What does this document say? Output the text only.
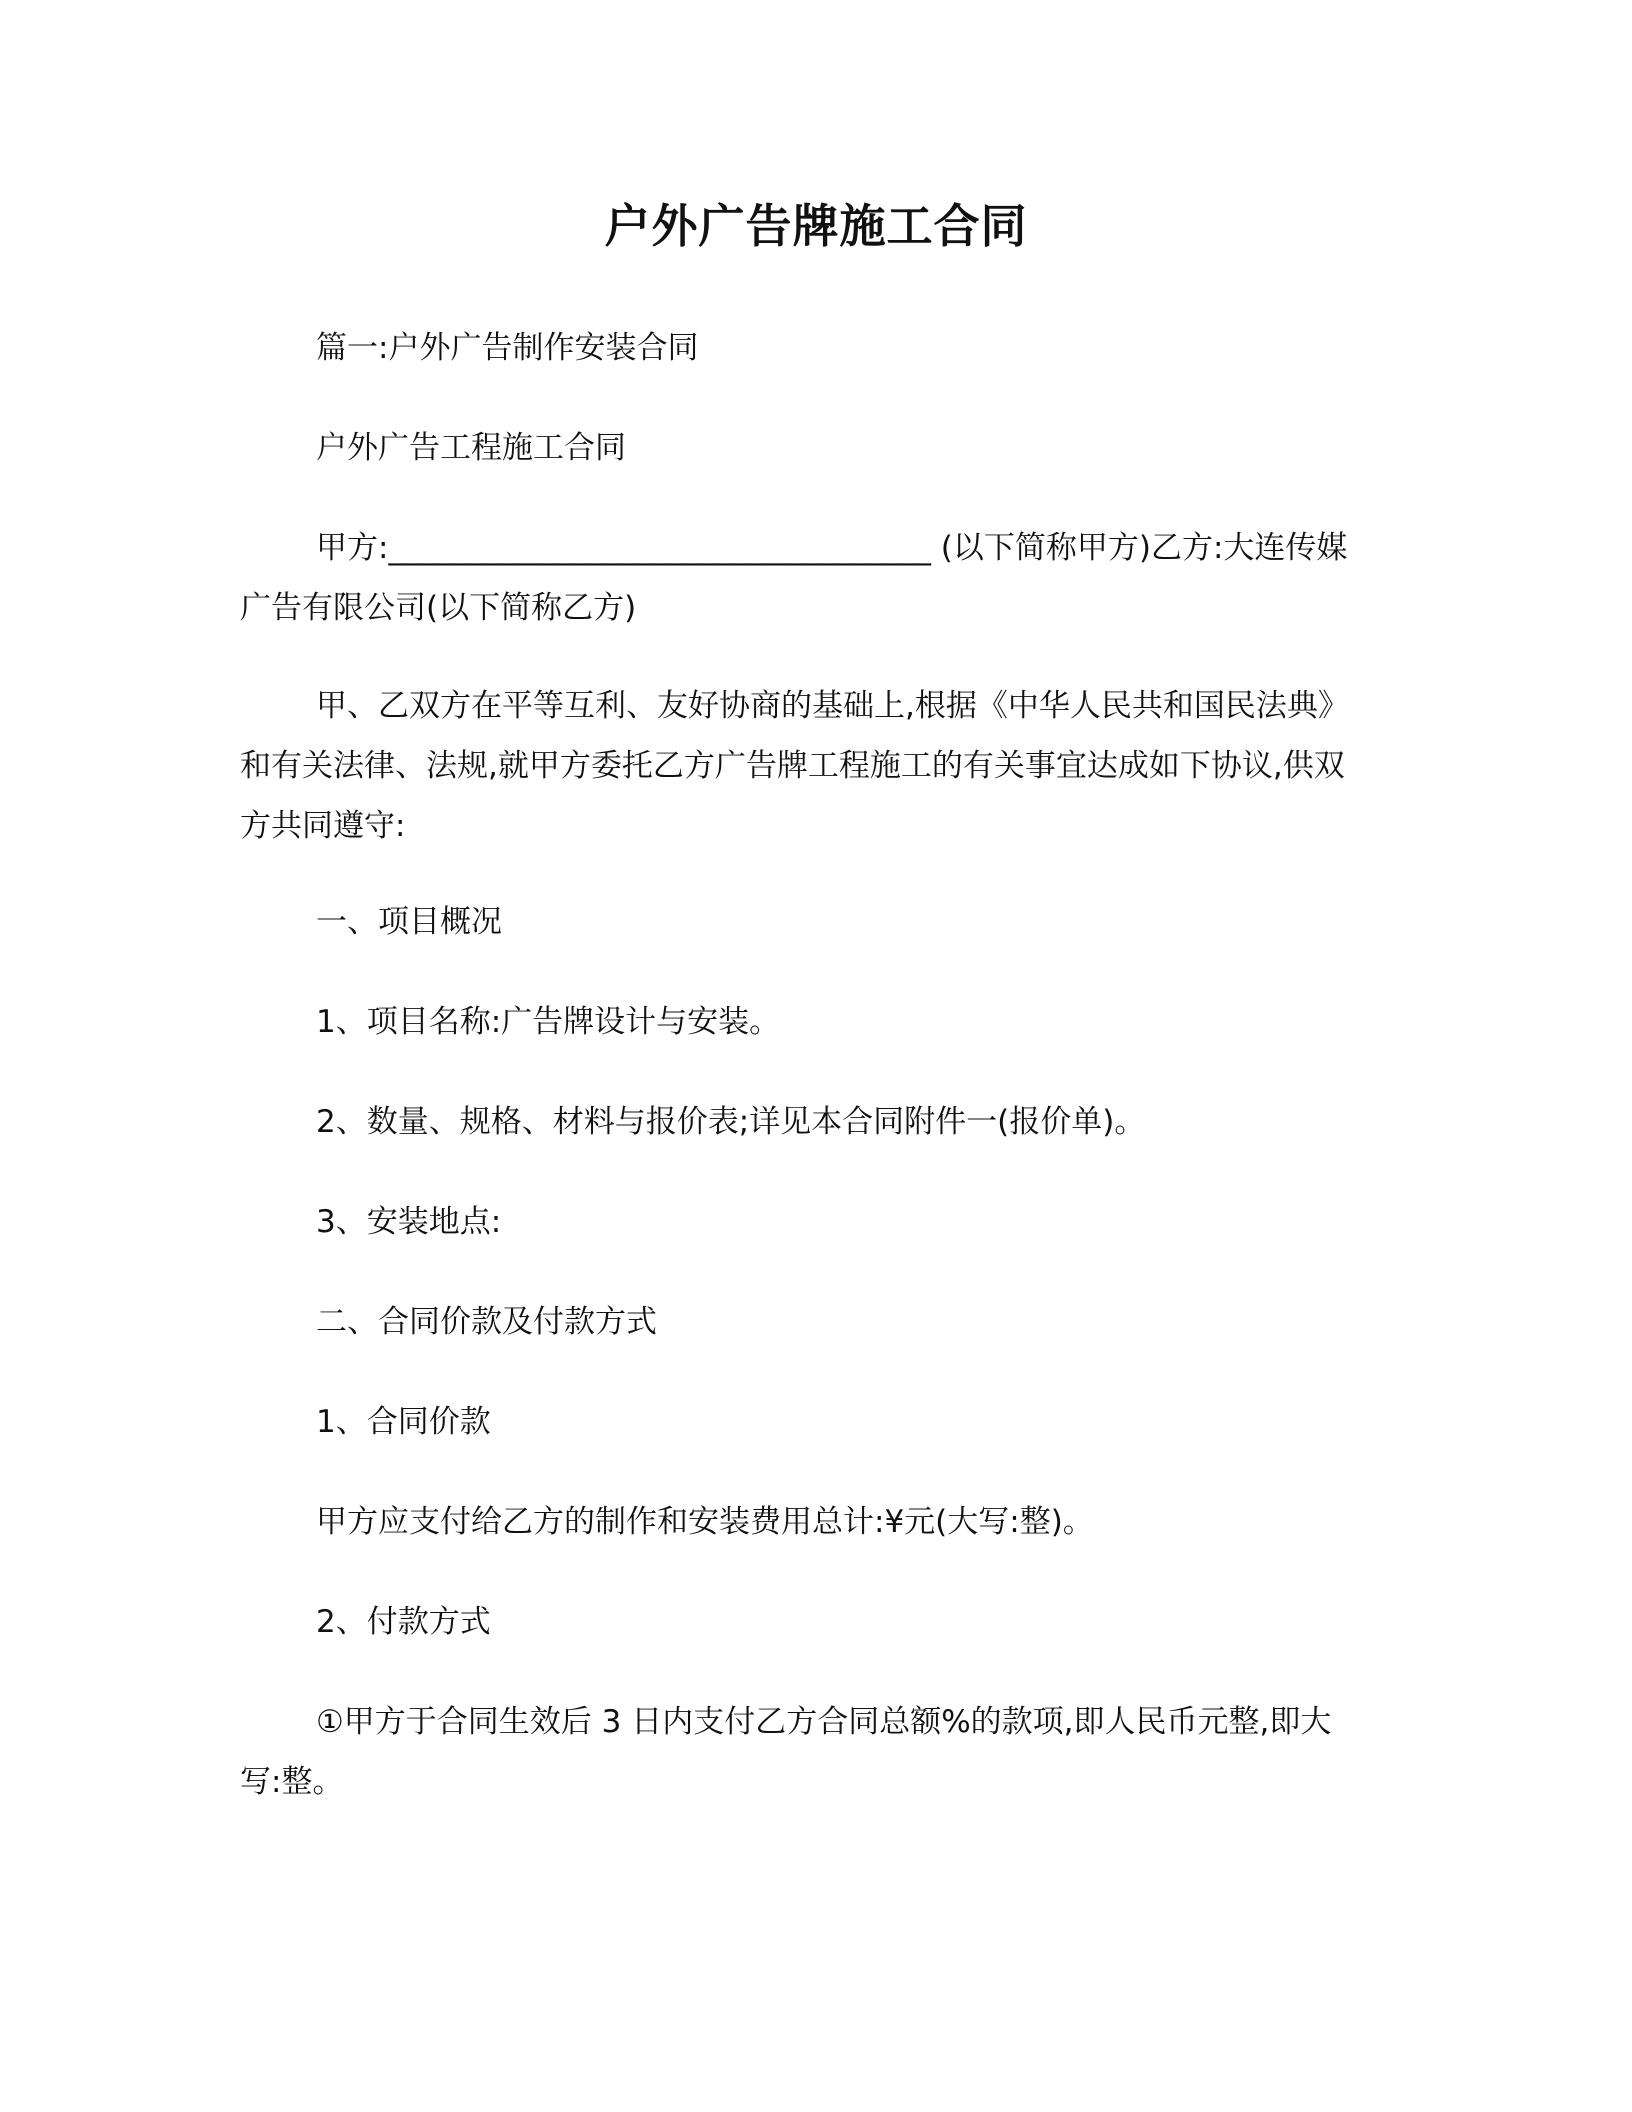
户外广告牌施工合同

篇一:户外广告制作安装合同

户外广告工程施工合同

甲方:___________________________________ (以下简称甲方)乙方:大连传媒广告有限公司(以下简称乙方)

甲、乙双方在平等互利、友好协商的基础上,根据《中华人民共和国民法典》和有关法律、法规,就甲方委托乙方广告牌工程施工的有关事宜达成如下协议,供双方共同遵守:

一、项目概况

1、项目名称:广告牌设计与安装。

2、数量、规格、材料与报价表;详见本合同附件一(报价单)。

3、安装地点:

二、合同价款及付款方式

1、合同价款

甲方应支付给乙方的制作和安装费用总计:¥元(大写:整)。

2、付款方式

①甲方于合同生效后 3 日内支付乙方合同总额%的款项,即人民币元整,即大写:整。
